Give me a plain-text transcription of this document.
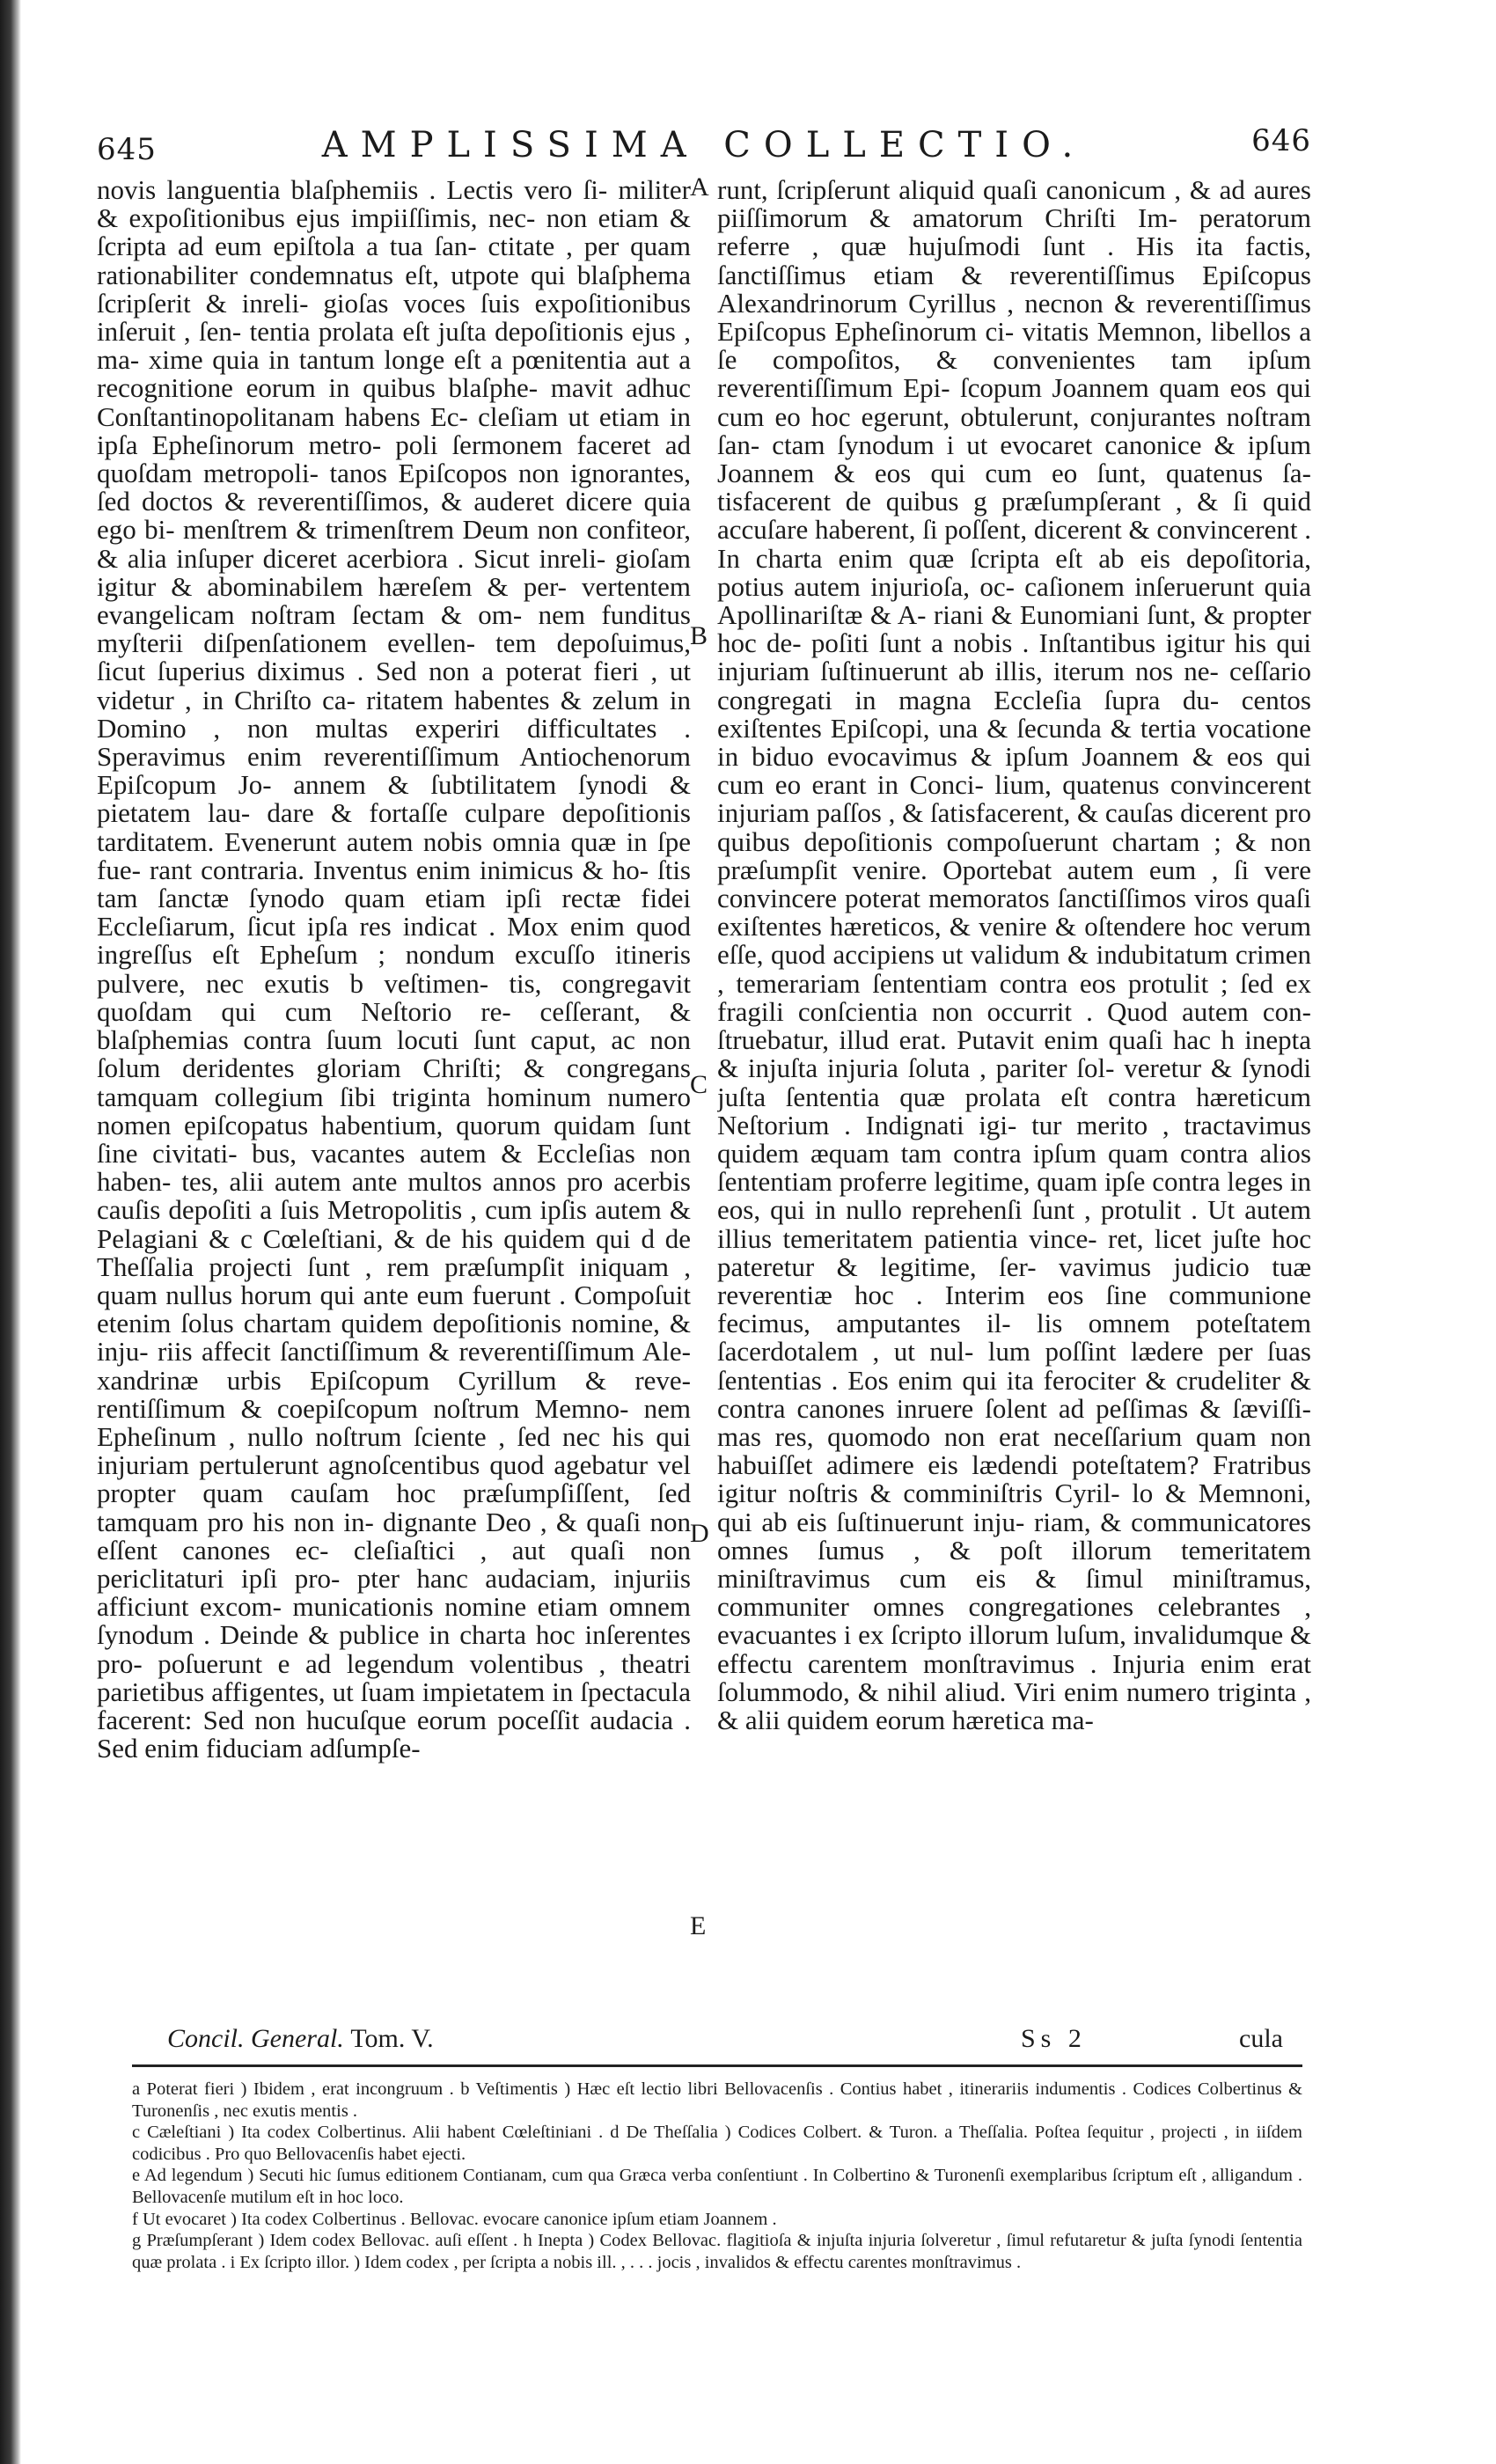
645	AMPLISSIMA COLLECTIO.	646

novis languentia blaſphemiis . Lectis vero ſi- militer & expoſitionibus ejus impiiſſimis, nec- non etiam & ſcripta ad eum epiſtola a tua ſan- ctitate , per quam rationabiliter condemnatus eſt, utpote qui blaſphema ſcripſerit & inreli- gioſas voces ſuis expoſitionibus inſeruit , ſen- tentia prolata eſt juſta depoſitionis ejus , ma- xime quia in tantum longe eſt a pœnitentia aut a recognitione eorum in quibus blaſphe- mavit adhuc Conſtantinopolitanam habens Ec- cleſiam ut etiam in ipſa Epheſinorum metro- poli ſermonem faceret ad quoſdam metropoli- tanos Epiſcopos non ignorantes, ſed doctos & reverentiſſimos, & auderet dicere quia ego bi- menſtrem & trimenſtrem Deum non confiteor, & alia inſuper diceret acerbiora . Sicut inreli- gioſam igitur & abominabilem hæreſem & per- vertentem evangelicam noſtram ſectam & om- nem funditus myſterii diſpenſationem evellen- tem depoſuimus, ſicut ſuperius diximus . Sed non a poterat fieri , ut videtur , in Chriſto ca- ritatem habentes & zelum in Domino , non multas experiri difficultates . Speravimus enim reverentiſſimum Antiochenorum Epiſcopum Jo- annem & ſubtilitatem ſynodi & pietatem lau- dare & fortaſſe culpare depoſitionis tarditatem. Evenerunt autem nobis omnia quæ in ſpe fue- rant contraria. Inventus enim inimicus & ho- ſtis tam ſanctæ ſynodo quam etiam ipſi rectæ fidei Eccleſiarum, ſicut ipſa res indicat . Mox enim quod ingreſſus eſt Epheſum ; nondum excuſſo itineris pulvere, nec exutis b veſtimen- tis, congregavit quoſdam qui cum Neſtorio re- ceſſerant, & blaſphemias contra ſuum locuti ſunt caput, ac non ſolum deridentes gloriam Chriſti; & congregans tamquam collegium ſibi triginta hominum numero nomen epiſcopatus habentium, quorum quidam ſunt ſine civitati- bus, vacantes autem & Eccleſias non haben- tes, alii autem ante multos annos pro acerbis cauſis depoſiti a ſuis Metropolitis , cum ipſis autem & Pelagiani & c Cœleſtiani, & de his quidem qui d de Theſſalia projecti ſunt , rem præſumpſit iniquam , quam nullus horum qui ante eum fuerunt . Compoſuit etenim ſolus chartam quidem depoſitionis nomine, & inju- riis affecit ſanctiſſimum & reverentiſſimum Ale- xandrinæ urbis Epiſcopum Cyrillum & reve- rentiſſimum & coepiſcopum noſtrum Memno- nem Epheſinum , nullo noſtrum ſciente , ſed nec his qui injuriam pertulerunt agnoſcentibus quod agebatur vel propter quam cauſam hoc præſumpſiſſent, ſed tamquam pro his non in- dignante Deo , & quaſi non eſſent canones ec- cleſiaſtici , aut quaſi non periclitaturi ipſi pro- pter hanc audaciam, injuriis afficiunt excom- municationis nomine etiam omnem ſynodum . Deinde & publice in charta hoc inſerentes pro- poſuerunt e ad legendum volentibus , theatri parietibus affigentes, ut ſuam impietatem in ſpectacula facerent: Sed non hucuſque eorum poceſſit audacia . Sed enim fiduciam adſumpſe-

A
B
C
D
E

runt, ſcripſerunt aliquid quaſi canonicum , & ad aures piiſſimorum & amatorum Chriſti Im- peratorum referre , quæ hujuſmodi ſunt . His ita factis, ſanctiſſimus etiam & reverentiſſimus Epiſcopus Alexandrinorum Cyrillus , necnon & reverentiſſimus Epiſcopus Epheſinorum ci- vitatis Memnon, libellos a ſe compoſitos, & convenientes tam ipſum reverentiſſimum Epi- ſcopum Joannem quam eos qui cum eo hoc egerunt, obtulerunt, conjurantes noſtram ſan- ctam ſynodum i ut evocaret canonice & ipſum Joannem & eos qui cum eo ſunt, quatenus ſa- tisfacerent de quibus g præſumpſerant , & ſi quid accuſare haberent, ſi poſſent, dicerent & convincerent . In charta enim quæ ſcripta eſt ab eis depoſitoria, potius autem injurioſa, oc- caſionem inſeruerunt quia Apollinariſtæ & A- riani & Eunomiani ſunt, & propter hoc de- poſiti ſunt a nobis . Inſtantibus igitur his qui injuriam ſuſtinuerunt ab illis, iterum nos ne- ceſſario congregati in magna Eccleſia ſupra du- centos exiſtentes Epiſcopi, una & ſecunda & tertia vocatione in biduo evocavimus & ipſum Joannem & eos qui cum eo erant in Conci- lium, quatenus convincerent injuriam paſſos , & ſatisfacerent, & cauſas dicerent pro quibus depoſitionis compoſuerunt chartam ; & non præſumpſit venire. Oportebat autem eum , ſi vere convincere poterat memoratos ſanctiſſimos viros quaſi exiſtentes hæreticos, & venire & oſtendere hoc verum eſſe, quod accipiens ut validum & indubitatum crimen , temerariam ſententiam contra eos protulit ; ſed ex fragili conſcientia non occurrit . Quod autem con- ſtruebatur, illud erat. Putavit enim quaſi hac h inepta & injuſta injuria ſoluta , pariter ſol- veretur & ſynodi juſta ſententia quæ prolata eſt contra hæreticum Neſtorium . Indignati igi- tur merito , tractavimus quidem æquam tam contra ipſum quam contra alios ſententiam proferre legitime, quam ipſe contra leges in eos, qui in nullo reprehenſi ſunt , protulit . Ut autem illius temeritatem patientia vince- ret, licet juſte hoc pateretur & legitime, ſer- vavimus judicio tuæ reverentiæ hoc . Interim eos ſine communione fecimus, amputantes il- lis omnem poteſtatem ſacerdotalem , ut nul- lum poſſint lædere per ſuas ſententias . Eos enim qui ita ferociter & crudeliter & contra canones inruere ſolent ad peſſimas & ſæviſſi- mas res, quomodo non erat neceſſarium quam non habuiſſet adimere eis lædendi poteſtatem? Fratribus igitur noſtris & comminiſtris Cyril- lo & Memnoni, qui ab eis ſuſtinuerunt inju- riam, & communicatores omnes ſumus , & poſt illorum temeritatem miniſtravimus cum eis & ſimul miniſtramus, communiter omnes congregationes celebrantes , evacuantes i ex ſcripto illorum luſum, invalidumque & effectu carentem monſtravimus . Injuria enim erat ſolummodo, & nihil aliud. Viri enim numero triginta , & alii quidem eorum hæretica ma-

Concil. General. Tom. V.	Ss 2	cula

a Poterat fieri ) Ibidem , erat incongruum . b Veſtimentis ) Hæc eſt lectio libri Bellovacenſis . Contius habet , itinerariis indumentis . Codices Colbertinus & Turonenſis , nec exutis mentis .

c Cæleſtiani ) Ita codex Colbertinus. Alii habent Cœleſtiniani . d De Theſſalia ) Codices Colbert. & Turon. a Theſſalia. Poſtea ſequitur , projecti , in iiſdem codicibus . Pro quo Bellovacenſis habet ejecti.

e Ad legendum ) Secuti hic ſumus editionem Contianam, cum qua Græca verba conſentiunt . In Colbertino & Turonenſi exemplaribus ſcriptum eſt , alligandum . Bellovacenſe mutilum eſt in hoc loco.

f Ut evocaret ) Ita codex Colbertinus . Bellovac. evocare canonice ipſum etiam Joannem .

g Præſumpſerant ) Idem codex Bellovac. auſi eſſent . h Inepta ) Codex Bellovac. flagitioſa & injuſta injuria ſolveretur , ſimul refutaretur & juſta ſynodi ſententia quæ prolata . i Ex ſcripto illor. ) Idem codex , per ſcripta a nobis ill. , . . . jocis , invalidos & effectu carentes monſtravimus .
